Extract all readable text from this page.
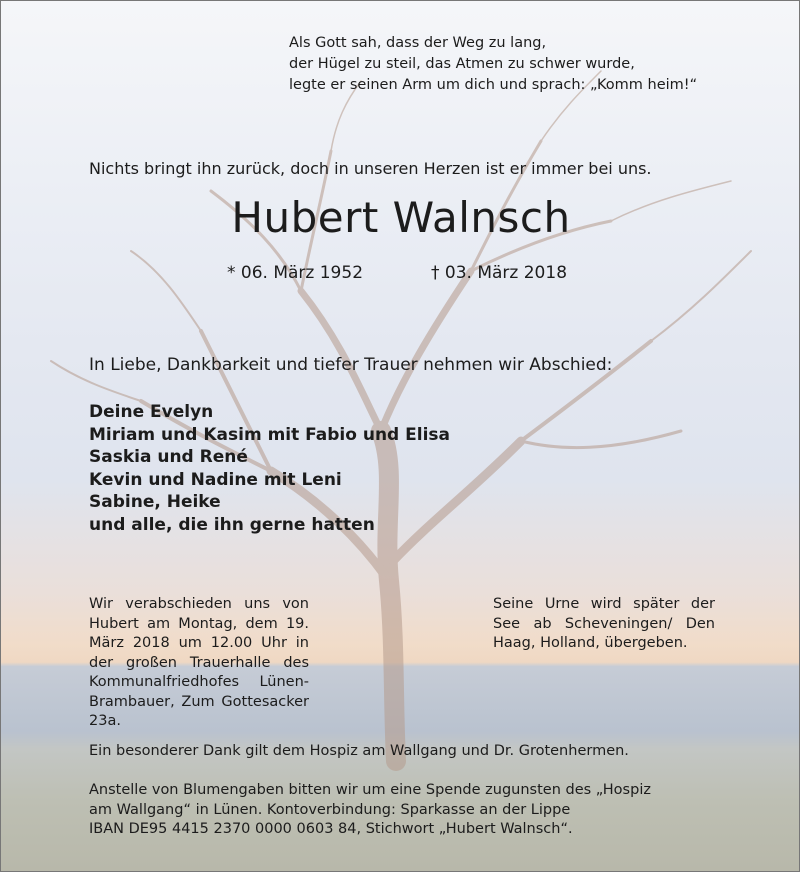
Als Gott sah, dass der Weg zu lang,
der Hügel zu steil, das Atmen zu schwer wurde,
legte er seinen Arm um dich und sprach: „Komm heim!“
Nichts bringt ihn zurück, doch in unseren Herzen ist er immer bei uns.
Hubert Walnsch
* 06. März 1952	† 03. März 2018
In Liebe, Dankbarkeit und tiefer Trauer nehmen wir Abschied:
Deine Evelyn
Miriam und Kasim mit Fabio und Elisa
Saskia und René
Kevin und Nadine mit Leni
Sabine, Heike
und alle, die ihn gerne hatten
Wir verabschieden uns von Hubert am Montag, dem 19. März 2018 um 12.00 Uhr in der großen Trauerhalle des Kommunalfriedhofes Lünen-Brambauer, Zum Gottesacker 23a.
Seine Urne wird später der See ab Scheveningen/ Den Haag, Holland, übergeben.
Ein besonderer Dank gilt dem Hospiz am Wallgang und Dr. Grotenhermen.
Anstelle von Blumengaben bitten wir um eine Spende zugunsten des „Hospiz
am Wallgang“ in Lünen. Kontoverbindung: Sparkasse an der Lippe
IBAN DE95 4415 2370 0000 0603 84, Stichwort „Hubert Walnsch“.
